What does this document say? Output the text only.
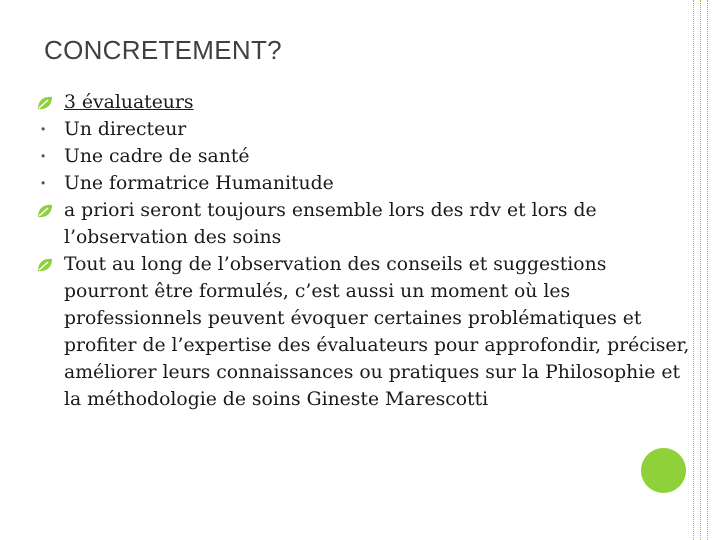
CONCRETEMENT?
3 évaluateurs
• Un directeur
• Une cadre de santé
• Une formatrice Humanitude
a priori seront toujours ensemble lors des rdv et lors de l’observation des soins
Tout au long de l’observation des conseils et suggestions pourront être formulés, c’est aussi un moment où les professionnels peuvent évoquer certaines problématiques et profiter de l’expertise des évaluateurs pour approfondir, préciser, améliorer leurs connaissances ou pratiques sur la Philosophie et la méthodologie de soins Gineste Marescotti
